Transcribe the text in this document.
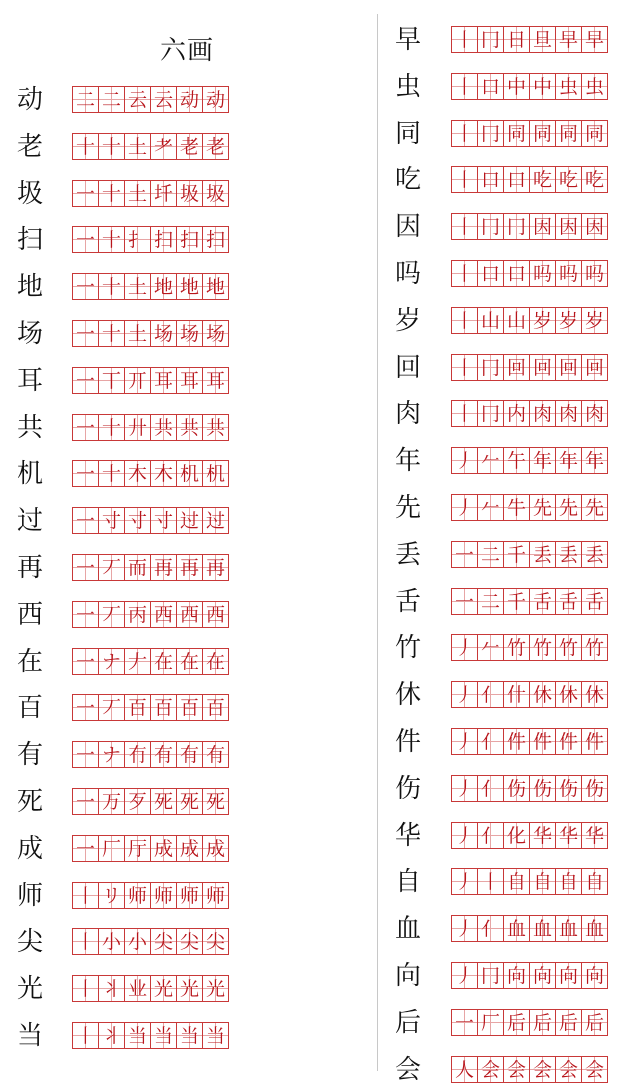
六画
动 二 二 云 云 动 动
老 十 十 土 耂 老 老
圾 一 十 土 圲 圾 圾
扫 一 十 扌 扫 扫 扫
地 一 十 土 地 地 地
场 一 十 土 场 场 场
耳 一 丅 丌 耳 耳 耳
共 一 十 廾 共 共 共
机 一 十 木 木 机 机
过 一 寸 寸 寸 过 过
再 一 丆 而 再 再 再
西 一 丆 丙 西 西 西
在 一 ナ 𠂇 在 在 在
百 一 丆 百 百 百 百
有 一 ナ 冇 有 有 有
死 一 万 歹 死 死 死
成 一 厂 厅 成 成 成
师 丨 リ 师 师 师 师
尖 丨 小 小 尖 尖 尖
光 丨 丬 业 光 光 光
当 丨 丬 当 当 当 当
早 丨 冂 日 旦 早 早
虫 丨 口 中 中 虫 虫
同 丨 冂 同 同 同 同
吃 丨 口 口 吃 吃 吃
因 丨 冂 冂 因 因 因
吗 丨 口 口 吗 吗 吗
岁 丨 山 山 岁 岁 岁
回 丨 冂 回 回 回 回
肉 丨 冂 内 肉 肉 肉
年 丿 𠂉 午 年 年 年
先 丿 𠂉 牛 先 先 先
丢 一 二 千 丢 丢 丢
舌 一 二 千 舌 舌 舌
竹 丿 𠂉 竹 竹 竹 竹
休 丿 亻 什 休 休 休
件 丿 亻 件 件 件 件
伤 丿 亻 伤 伤 伤 伤
华 丿 亻 化 华 华 华
自 丿 丨 自 自 自 自
血 丿 亻 血 血 血 血
向 丿 冂 向 向 向 向
后 一 厂 后 后 后 后
会 人 会 会 会 会 会
